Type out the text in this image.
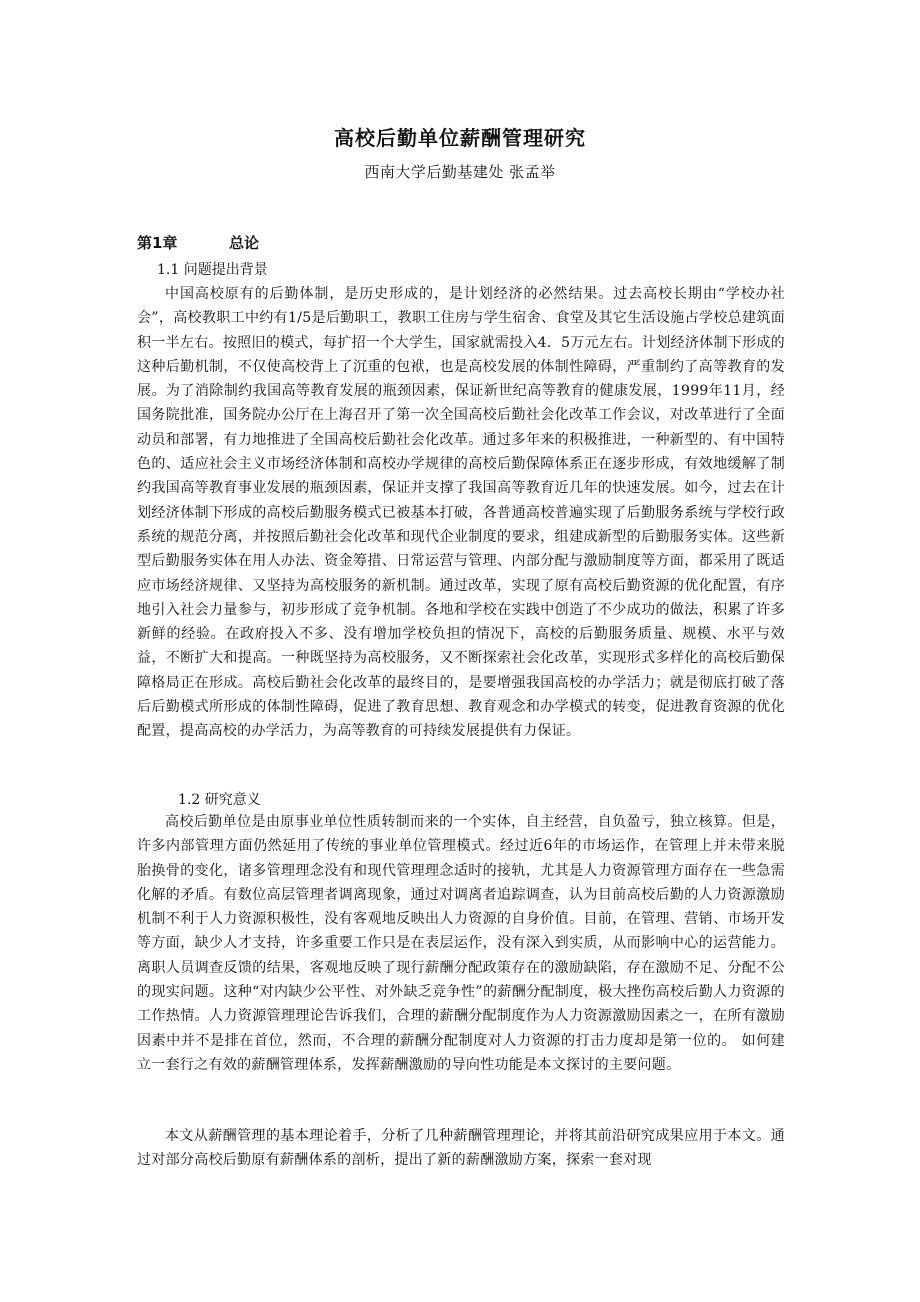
高校后勤单位薪酬管理研究
西南大学后勤基建处 张孟举
第1章	总论
1.1 问题提出背景
中国高校原有的后勤体制，是历史形成的，是计划经济的必然结果。过去高校长期由“学校办社会”，高校教职工中约有1/5是后勤职工，教职工住房与学生宿舍、食堂及其它生活设施占学校总建筑面积一半左右。按照旧的模式，每扩招一个大学生，国家就需投入4．5万元左右。计划经济体制下形成的这种后勤机制，不仅使高校背上了沉重的包袱，也是高校发展的体制性障碍，严重制约了高等教育的发展。为了消除制约我国高等教育发展的瓶颈因素，保证新世纪高等教育的健康发展，1999年11月，经国务院批准，国务院办公厅在上海召开了第一次全国高校后勤社会化改革工作会议，对改革进行了全面动员和部署，有力地推进了全国高校后勤社会化改革。通过多年来的积极推进，一种新型的、有中国特色的、适应社会主义市场经济体制和高校办学规律的高校后勤保障体系正在逐步形成，有效地缓解了制约我国高等教育事业发展的瓶颈因素，保证并支撑了我国高等教育近几年的快速发展。如今，过去在计划经济体制下形成的高校后勤服务模式已被基本打破，各普通高校普遍实现了后勤服务系统与学校行政系统的规范分离，并按照后勤社会化改革和现代企业制度的要求，组建成新型的后勤服务实体。这些新型后勤服务实体在用人办法、资金筹措、日常运营与管理、内部分配与激励制度等方面，都采用了既适应市场经济规律、又坚持为高校服务的新机制。通过改革，实现了原有高校后勤资源的优化配置，有序地引入社会力量参与，初步形成了竞争机制。各地和学校在实践中创造了不少成功的做法，积累了许多新鲜的经验。在政府投入不多、没有增加学校负担的情况下，高校的后勤服务质量、规模、水平与效益，不断扩大和提高。一种既坚持为高校服务，又不断探索社会化改革，实现形式多样化的高校后勤保障格局正在形成。高校后勤社会化改革的最终目的，是要增强我国高校的办学活力；就是彻底打破了落后后勤模式所形成的体制性障碍，促进了教育思想、教育观念和办学模式的转变，促进教育资源的优化配置，提高高校的办学活力，为高等教育的可持续发展提供有力保证。
1.2 研究意义
高校后勤单位是由原事业单位性质转制而来的一个实体，自主经营，自负盈亏，独立核算。但是，许多内部管理方面仍然延用了传统的事业单位管理模式。经过近6年的市场运作，在管理上并未带来脱胎换骨的变化，诸多管理理念没有和现代管理理念适时的接轨，尤其是人力资源管理方面存在一些急需化解的矛盾。有数位高层管理者调离现象，通过对调离者追踪调查，认为目前高校后勤的人力资源激励机制不利于人力资源积极性，没有客观地反映出人力资源的自身价值。目前，在管理、营销、市场开发等方面，缺少人才支持，许多重要工作只是在表层运作，没有深入到实质，从而影响中心的运营能力。离职人员调查反馈的结果，客观地反映了现行薪酬分配政策存在的激励缺陷，存在激励不足、分配不公的现实问题。这种“对内缺少公平性、对外缺乏竞争性”的薪酬分配制度，极大挫伤高校后勤人力资源的工作热情。人力资源管理理论告诉我们，合理的薪酬分配制度作为人力资源激励因素之一，在所有激励因素中并不是排在首位，然而，不合理的薪酬分配制度对人力资源的打击力度却是第一位的。 如何建立一套行之有效的薪酬管理体系，发挥薪酬激励的导向性功能是本文探讨的主要问题。
本文从薪酬管理的基本理论着手，分析了几种薪酬管理理论，并将其前沿研究成果应用于本文。通过对部分高校后勤原有薪酬体系的剖析，提出了新的薪酬激励方案，探索一套对现
